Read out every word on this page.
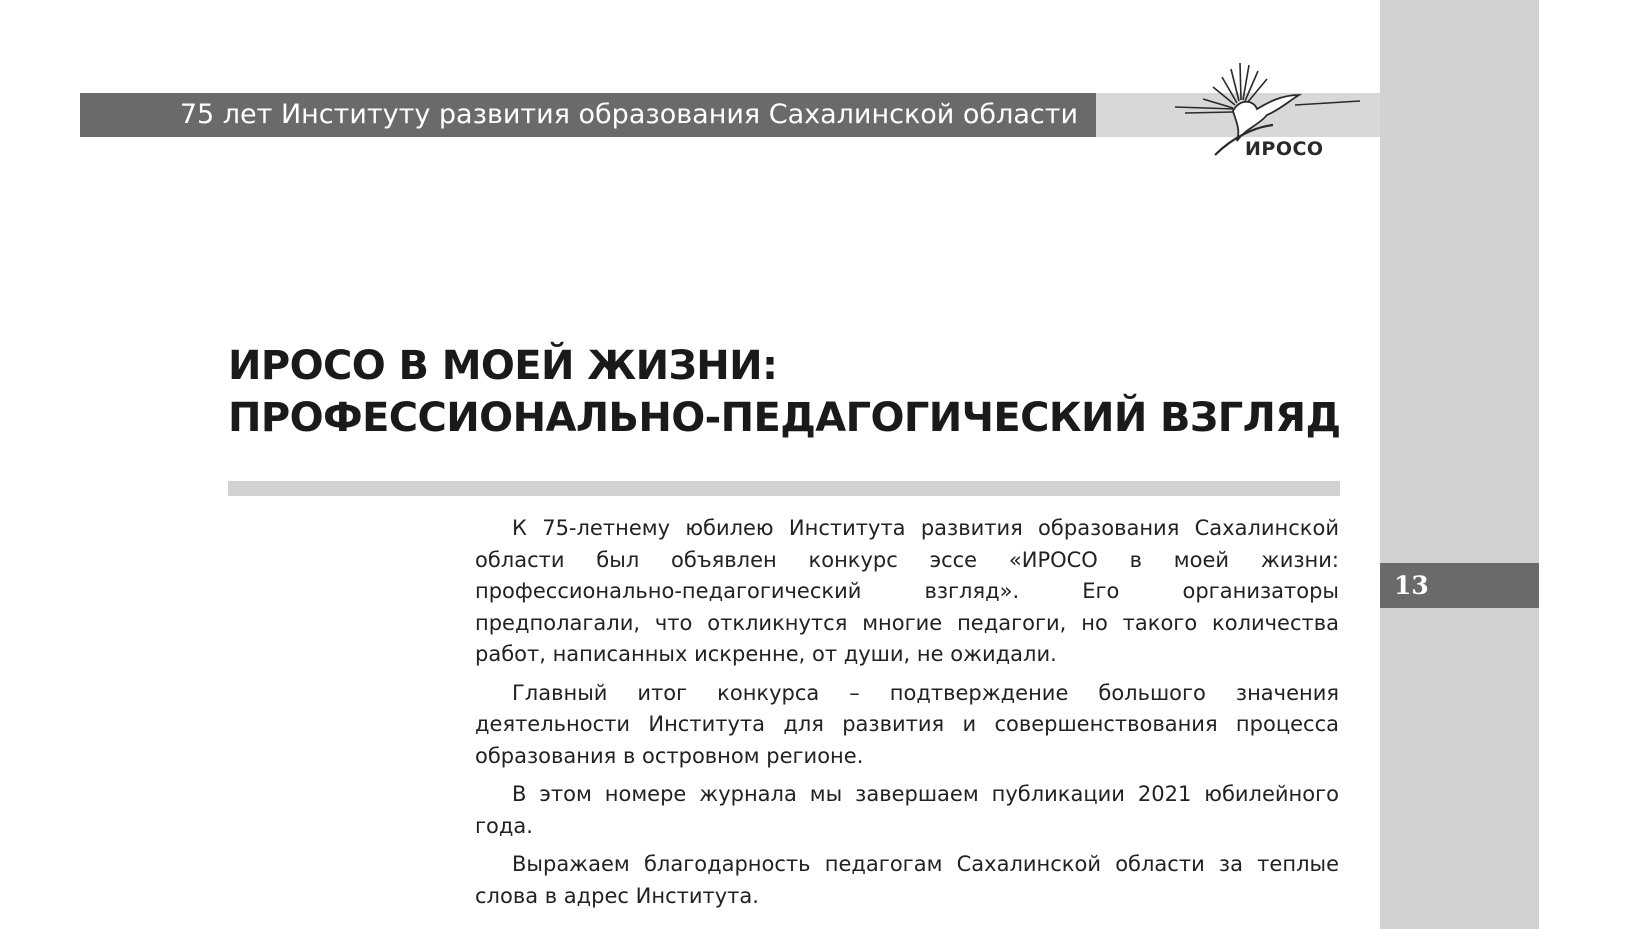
75 лет Институту развития образования Сахалинской области
ИРОСО
13
ИРОСО В МОЕЙ ЖИЗНИ:
ПРОФЕССИОНАЛЬНО-ПЕДАГОГИЧЕСКИЙ ВЗГЛЯД

К 75-летнему юбилею Института развития образования Сахалинской области был объявлен конкурс эссе «ИРОСО в моей жизни: профессионально-педагогический взгляд». Его организаторы предполагали, что откликнутся многие педагоги, но такого количества работ, написанных искренне, от души, не ожидали.

Главный итог конкурса – подтверждение большого значения деятельности Института для развития и совершенствования процесса образования в островном регионе.

В этом номере журнала мы завершаем публикации 2021 юбилейного года.

Выражаем благодарность педагогам Сахалинской области за теплые слова в адрес Института.
